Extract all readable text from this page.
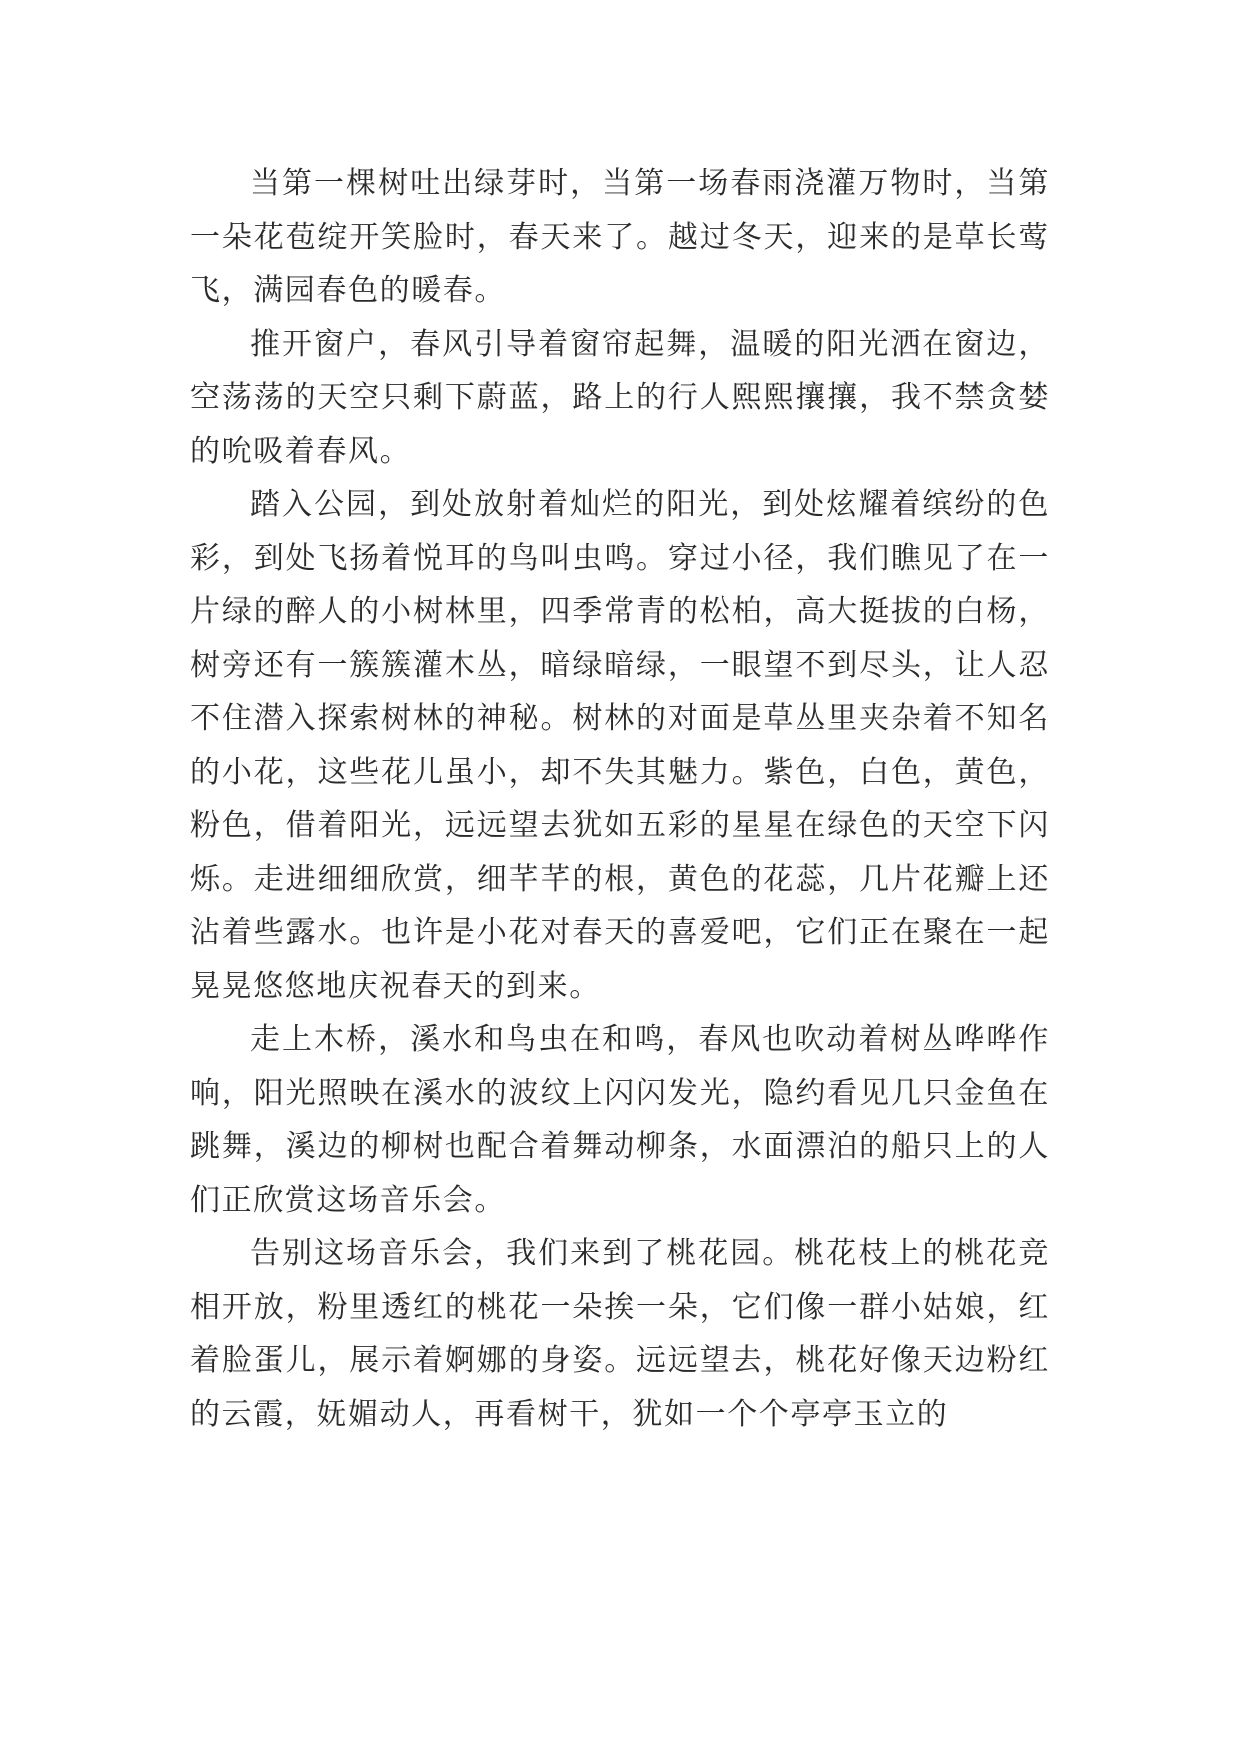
当第一棵树吐出绿芽时，当第一场春雨浇灌万物时，当第一朵花苞绽开笑脸时，春天来了。越过冬天，迎来的是草长莺飞，满园春色的暖春。

推开窗户，春风引导着窗帘起舞，温暖的阳光洒在窗边，空荡荡的天空只剩下蔚蓝，路上的行人熙熙攘攘，我不禁贪婪的吮吸着春风。

踏入公园，到处放射着灿烂的阳光，到处炫耀着缤纷的色彩，到处飞扬着悦耳的鸟叫虫鸣。穿过小径，我们瞧见了在一片绿的醉人的小树林里，四季常青的松柏，高大挺拔的白杨，树旁还有一簇簇灌木丛，暗绿暗绿，一眼望不到尽头，让人忍不住潜入探索树林的神秘。树林的对面是草丛里夹杂着不知名的小花，这些花儿虽小，却不失其魅力。紫色，白色，黄色，粉色，借着阳光，远远望去犹如五彩的星星在绿色的天空下闪烁。走进细细欣赏，细芊芊的根，黄色的花蕊，几片花瓣上还沾着些露水。也许是小花对春天的喜爱吧，它们正在聚在一起晃晃悠悠地庆祝春天的到来。

走上木桥，溪水和鸟虫在和鸣，春风也吹动着树丛哗哗作响，阳光照映在溪水的波纹上闪闪发光，隐约看见几只金鱼在跳舞，溪边的柳树也配合着舞动柳条，水面漂泊的船只上的人们正欣赏这场音乐会。

告别这场音乐会，我们来到了桃花园。桃花枝上的桃花竞相开放，粉里透红的桃花一朵挨一朵，它们像一群小姑娘，红着脸蛋儿，展示着婀娜的身姿。远远望去，桃花好像天边粉红的云霞，妩媚动人，再看树干，犹如一个个亭亭玉立的
